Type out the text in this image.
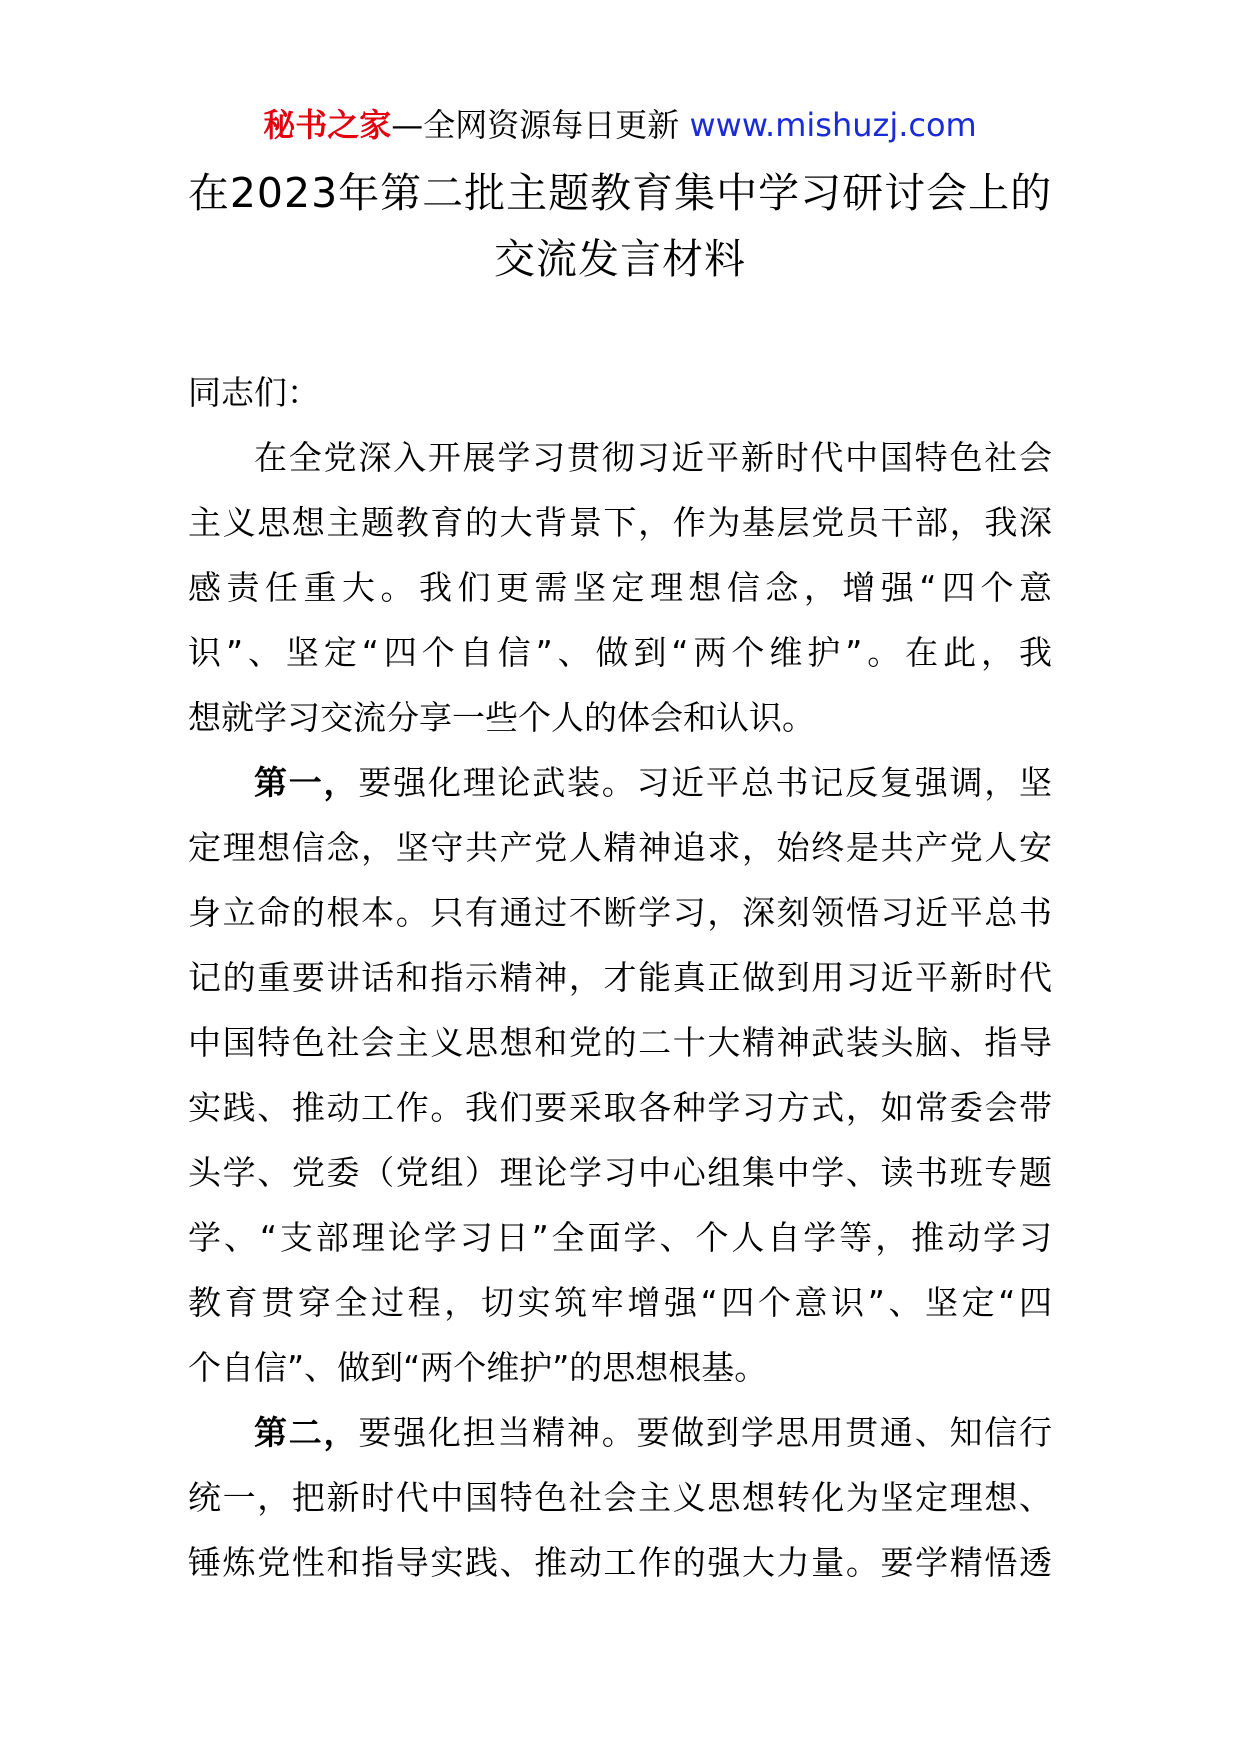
秘书之家—全网资源每日更新 www.mishuzj.com
在2023年第二批主题教育集中学习研讨会上的
交流发言材料
同志们：
在全党深入开展学习贯彻习近平新时代中国特色社会
主义思想主题教育的大背景下，作为基层党员干部，我深
感责任重大。我们更需坚定理想信念，增强“四个意
识”、坚定“四个自信”、做到“两个维护”。在此，我
想就学习交流分享一些个人的体会和认识。
第一，要强化理论武装。习近平总书记反复强调，坚
定理想信念，坚守共产党人精神追求，始终是共产党人安
身立命的根本。只有通过不断学习，深刻领悟习近平总书
记的重要讲话和指示精神，才能真正做到用习近平新时代
中国特色社会主义思想和党的二十大精神武装头脑、指导
实践、推动工作。我们要采取各种学习方式，如常委会带
头学、党委（党组）理论学习中心组集中学、读书班专题
学、“支部理论学习日”全面学、个人自学等，推动学习
教育贯穿全过程，切实筑牢增强“四个意识”、坚定“四
个自信”、做到“两个维护”的思想根基。
第二，要强化担当精神。要做到学思用贯通、知信行
统一，把新时代中国特色社会主义思想转化为坚定理想、
锤炼党性和指导实践、推动工作的强大力量。要学精悟透
